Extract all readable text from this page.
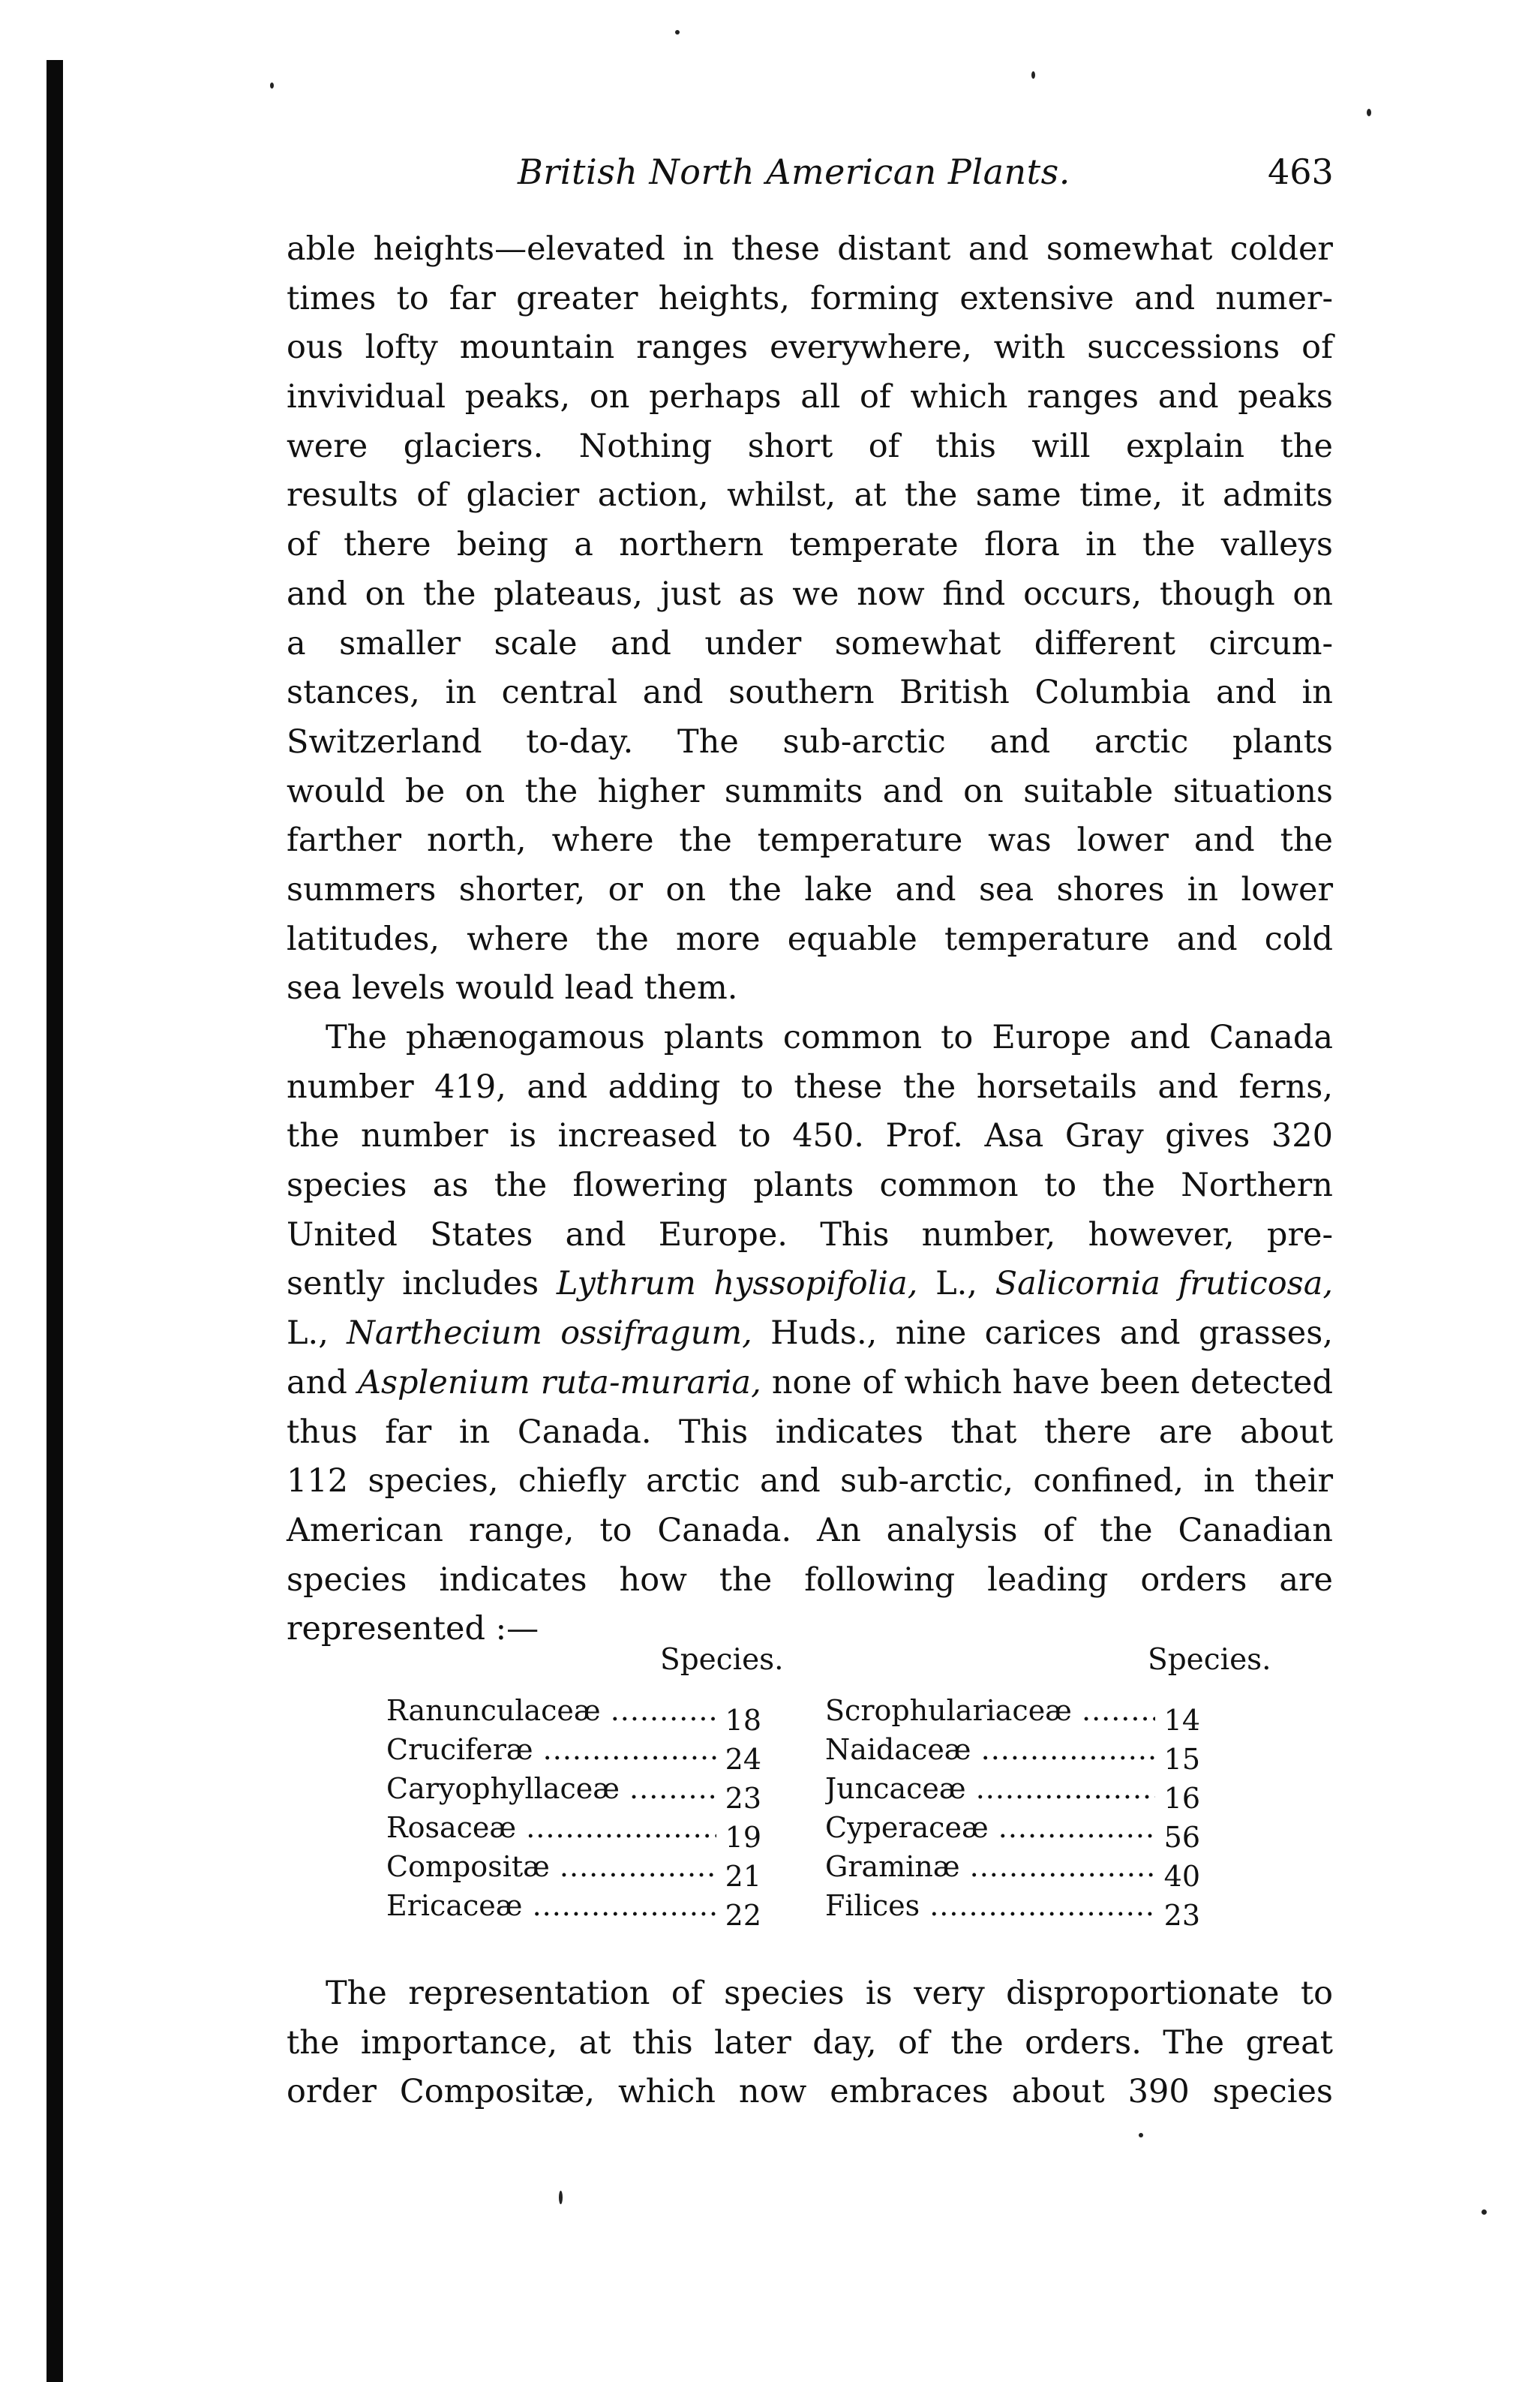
British North American Plants.	463
able heights—elevated in these distant and somewhat colder
times to far greater heights, forming extensive and numer-
ous lofty mountain ranges everywhere, with successions of
invividual peaks, on perhaps all of which ranges and peaks
were glaciers. Nothing short of this will explain the
results of glacier action, whilst, at the same time, it admits
of there being a northern temperate flora in the valleys
and on the plateaus, just as we now find occurs, though on
a smaller scale and under somewhat different circum-
stances, in central and southern British Columbia and in
Switzerland to-day. The sub-arctic and arctic plants
would be on the higher summits and on suitable situations
farther north, where the temperature was lower and the
summers shorter, or on the lake and sea shores in lower
latitudes, where the more equable temperature and cold
sea levels would lead them.
The phænogamous plants common to Europe and Canada
number 419, and adding to these the horsetails and ferns,
the number is increased to 450. Prof. Asa Gray gives 320
species as the flowering plants common to the Northern
United States and Europe. This number, however, pre-
sently includes Lythrum hyssopifolia, L., Salicornia fruticosa,
L., Narthecium ossifragum, Huds., nine carices and grasses,
and Asplenium ruta-muraria, none of which have been detected
thus far in Canada. This indicates that there are about
112 species, chiefly arctic and sub-arctic, confined, in their
American range, to Canada. An analysis of the Canadian
species indicates how the following leading orders are
represented :—
Species.	Species.
Ranunculaceæ .....	18
Cruciferæ .....	24
Caryophyllaceæ .....	23
Rosaceæ .....	19
Compositæ .....	21
Ericaceæ .....	22
Scrophulariaceæ .....	14
Naidaceæ .....	15
Juncaceæ .....	16
Cyperaceæ .....	56
Graminæ .....	40
Filices .....	23
The representation of species is very disproportionate to
the importance, at this later day, of the orders. The great
order Compositæ, which now embraces about 390 species
